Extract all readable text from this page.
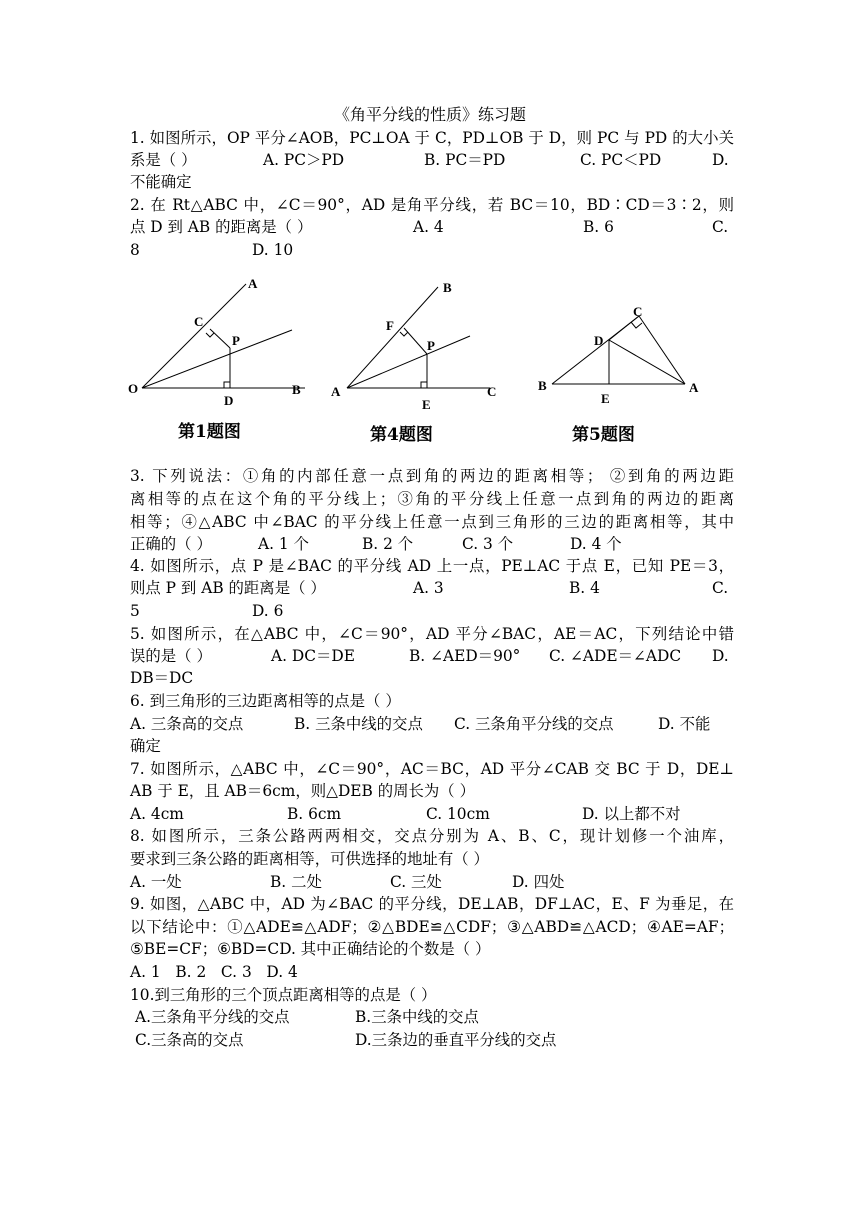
《角平分线的性质》练习题
1. 如图所示，OP 平分∠AOB，PC⊥OA 于 C，PD⊥OB 于 D，则 PC 与 PD 的大小关
系是（ ）	A. PC＞PD	B. PC＝PD	C. PC＜PD	D.
不能确定
2. 在 Rt△ABC 中，∠C＝90°，AD 是角平分线，若 BC＝10，BD∶CD＝3∶2，则
点 D 到 AB 的距离是（ ）	A. 4	B. 6	C.
8	D. 10
A
C
P
O
D
B
第1题图
B
F
P
A
E
C
第4题图
C
D
B
E
A
第5题图
3. 下列说法：①角的内部任意一点到角的两边的距离相等； ②到角的两边距
离相等的点在这个角的平分线上；③角的平分线上任意一点到角的两边的距离
相等；④△ABC 中∠BAC 的平分线上任意一点到三角形的三边的距离相等，其中
正确的（ ）	A. 1 个	B. 2 个	C. 3 个	D. 4 个
4. 如图所示，点 P 是∠BAC 的平分线 AD 上一点，PE⊥AC 于点 E，已知 PE＝3，
则点 P 到 AB 的距离是（ ）	A. 3	B. 4	C.
5	D. 6
5. 如图所示，在△ABC 中，∠C＝90°，AD 平分∠BAC，AE＝AC，下列结论中错
误的是（ ）	A. DC＝DE	B. ∠AED＝90° C. ∠ADE＝∠ADC D.
DB＝DC
6. 到三角形的三边距离相等的点是（ ）
A. 三条高的交点	B. 三条中线的交点 C. 三条角平分线的交点	D. 不能
确定
7. 如图所示，△ABC 中，∠C＝90°，AC＝BC，AD 平分∠CAB 交 BC 于 D，DE⊥
AB 于 E，且 AB＝6cm，则△DEB 的周长为（ ）
A. 4cm	B. 6cm	C. 10cm	D. 以上都不对
8. 如图所示，三条公路两两相交，交点分别为 A、B、C，现计划修一个油库，
要求到三条公路的距离相等，可供选择的地址有（ ）
A. 一处	B. 二处	C. 三处	D. 四处
9. 如图，△ABC 中，AD 为∠BAC 的平分线，DE⊥AB，DF⊥AC，E、F 为垂足，在
以下结论中：①△ADE≌△ADF；②△BDE≌△CDF；③△ABD≌△ACD；④AE=AF；
⑤BE=CF；⑥BD=CD. 其中正确结论的个数是（ ）
A. 1   B. 2   C. 3   D. 4
10.到三角形的三个顶点距离相等的点是（ ）
A.三条角平分线的交点	B.三条中线的交点
C.三条高的交点	D.三条边的垂直平分线的交点
